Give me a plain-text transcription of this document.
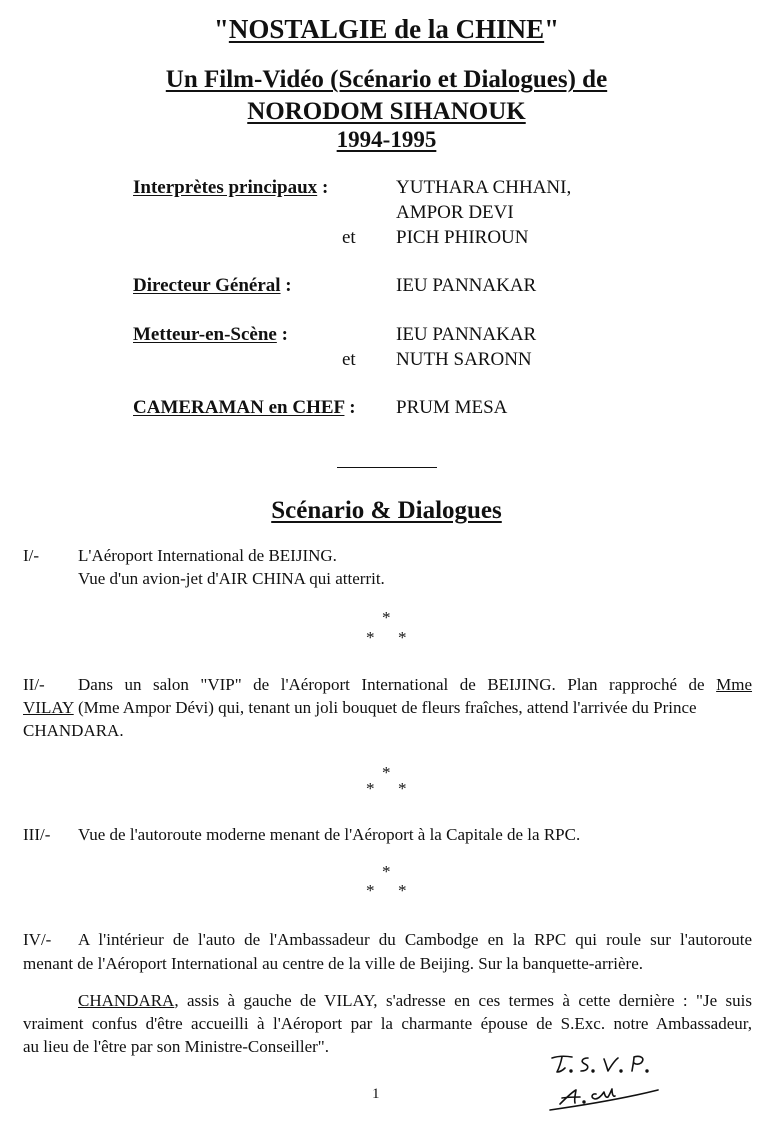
"NOSTALGIE de la CHINE"
Un Film-Vidéo (Scénario et Dialogues) de
NORODOM SIHANOUK
1994-1995
Interprètes principaux :	YUTHARA CHHANI,
AMPOR DEVI
et PICH PHIROUN
Directeur Général :	IEU PANNAKAR
Metteur-en-Scène :	IEU PANNAKAR
et NUTH SARONN
CAMERAMAN en CHEF : PRUM MESA
Scénario & Dialogues
I/- L'Aéroport International de BEIJING.
Vue d'un avion-jet d'AIR CHINA qui atterrit.
*
* *
II/- Dans un salon "VIP" de l'Aéroport International de BEIJING. Plan rapproché de Mme
VILAY (Mme Ampor Dévi) qui, tenant un joli bouquet de fleurs fraîches, attend l'arrivée du Prince
CHANDARA.
*
* *
III/- Vue de l'autoroute moderne menant de l'Aéroport à la Capitale de la RPC.
*
* *
IV/- A l'intérieur de l'auto de l'Ambassadeur du Cambodge en la RPC qui roule sur l'autoroute
menant de l'Aéroport International au centre de la ville de Beijing. Sur la banquette-arrière.
CHANDARA, assis à gauche de VILAY, s'adresse en ces termes à cette dernière : "Je suis
vraiment confus d'être accueilli à l'Aéroport par la charmante épouse de S.Exc. notre Ambassadeur,
au lieu de l'être par son Ministre-Conseiller".
1
